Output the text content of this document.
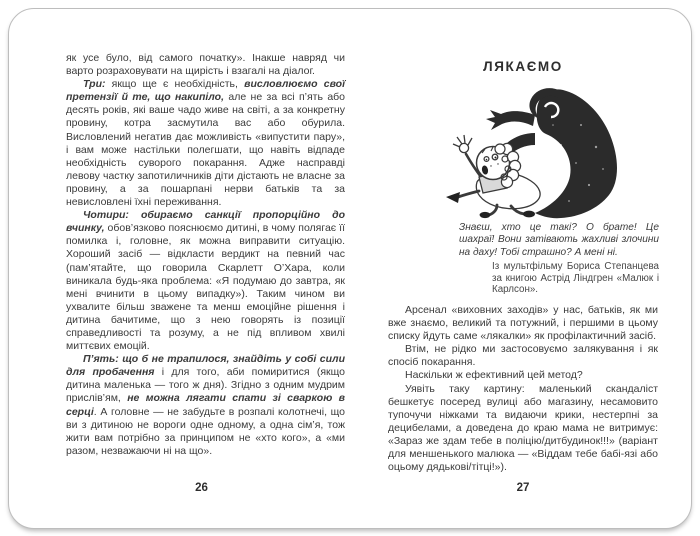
як усе було, від самого початку». Інакше навряд чи варто розраховувати на щирість і взагалі на діалог.

Три: якщо ще є необхідність, висловлюємо свої претензії й те, що накипіло, але не за всі п’ять або десять років, які ваше чадо живе на світі, а за конкретну провину, котра засмутила вас або обурила. Висловлений негатив дає можливість «випустити пару», і вам може настільки полегшати, що навіть відпаде необхідність суворого покарання. Адже насправді левову частку запотиличників діти дістають не власне за провину, а за пошарпані нерви батьків та за невисловлені їхні переживання.

Чотири: обираємо санкції пропорційно до вчинку, обов’язково пояснюємо дитині, в чому полягає її помилка і, головне, як можна виправити ситуацію. Хороший засіб — відкласти вердикт на певний час (пам’ятайте, що говорила Скарлетт О’Хара, коли виникала будь-яка проблема: «Я подумаю до завтра, як мені вчинити в цьому випадку»). Таким чином ви ухвалите більш зважене та менш емоційне рішення і дитина бачитиме, що з нею говорять із позиції справедливості та розуму, а не під впливом хвилі миттєвих емоцій.

П’ять: що б не трапилося, знайдіть у собі сили для пробачення і для того, аби помиритися (якщо дитина маленька — того ж дня). Згідно з одним мудрим прислів’ям, не можна лягати спати зі сваркою в серці. А головне — не забудьте в розпалі колотнечі, що ви з дитиною не вороги одне одному, а одна сім’я, тож жити вам потрібно за принципом не «хто кого», а «ми разом, незважаючи ні на що».

26
ЛЯКАЄМО
Знаєш, хто це такі? О брате! Це шахраї! Вони затівають жахливі злочини на даху! Тобі страшно? А мені ні.
Із мультфільму Бориса Степанцева за книгою Астрід Ліндгрен «Малюк і Карлсон».

Арсенал «виховних заходів» у нас, батьків, як ми вже знаємо, великий та потужний, і першими в цьому списку йдуть саме «лякалки» як профілактичний засіб.

Втім, не рідко ми застосовуємо залякування і як спосіб покарання.

Наскільки ж ефективний цей метод?

Уявіть таку картину: маленький скандаліст бешкетує посеред вулиці або магазину, несамовито тупочучи ніжками та видаючи крики, нестерпні за децибелами, а доведена до краю мама не витримує: «Зараз же здам тебе в поліцію/дитбудинок!!!» (варіант для меншенького малюка — «Віддам тебе бабі-язі або оцьому дядькові/тітці!»).

27
